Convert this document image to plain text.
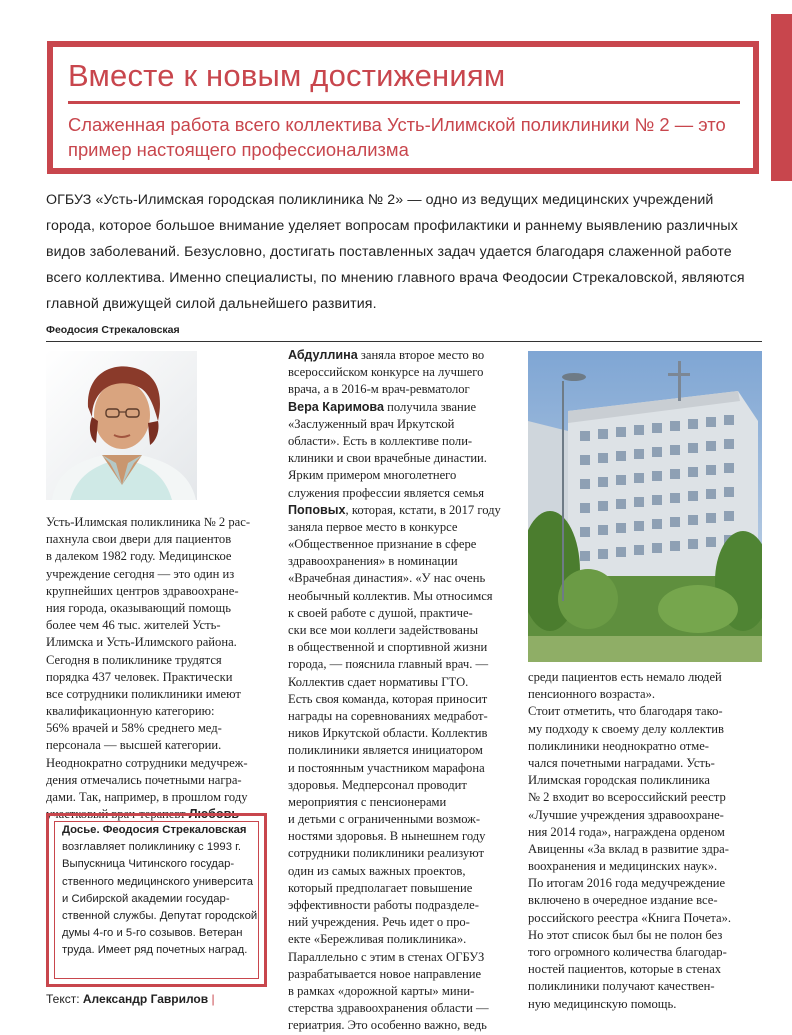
Вместе к новым достижениям

Слаженная работа всего коллектива Усть-Илимской поликлиники № 2 — это пример настоящего профессионализма

ОГБУЗ «Усть-Илимская городская поликлиника № 2» — одно из ведущих медицинских учреждений города, которое большое внимание уделяет вопросам профилактики и раннему выявлению различных видов заболеваний. Безусловно, достигать поставленных задач удается благодаря слаженной работе всего коллектива. Именно специалисты, по мнению главного врача Феодосии Стрекаловской, являются главной движущей силой дальнейшего развития.

Феодосия Стрекаловская
Усть-Илимская поликлиника № 2 рас-
пахнула свои двери для пациентов
в далеком 1982 году. Медицинское
учреждение сегодня — это один из
крупнейших центров здравоохране-
ния города, оказывающий помощь
более чем 46 тыс. жителей Усть-
Илимска и Усть-Илимского района.
Сегодня в поликлинике трудятся
порядка 437 человек. Практически
все сотрудники поликлиники имеют
квалификационную категорию:
56% врачей и 58% среднего мед-
персонала — высшей категории.
Неоднократно сотрудники медучреж-
дения отмечались почетными награ-
дами. Так, например, в прошлом году
участковый врач-терапевт Любовь
Абдуллина заняла второе место во
всероссийском конкурсе на лучшего
врача, а в 2016-м врач-ревматолог
Вера Каримова получила звание
«Заслуженный врач Иркутской
области». Есть в коллективе поли-
клиники и свои врачебные династии.
Ярким примером многолетнего
служения профессии является семья
Поповых, которая, кстати, в 2017 году
заняла первое место в конкурсе
«Общественное признание в сфере
здравоохранения» в номинации
«Врачебная династия». «У нас очень
необычный коллектив. Мы относимся
к своей работе с душой, практиче-
ски все мои коллеги задействованы
в общественной и спортивной жизни
города, — пояснила главный врач. —
Коллектив сдает нормативы ГТО.
Есть своя команда, которая приносит
награды на соревнованиях медработ-
ников Иркутской области. Коллектив
поликлиники является инициатором
и постоянным участником марафона
здоровья. Медперсонал проводит
мероприятия с пенсионерами
и детьми с ограниченными возмож-
ностями здоровья. В нынешнем году
сотрудники поликлиники реализуют
один из самых важных проектов,
который предполагает повышение
эффективности работы подразделе-
ний учреждения. Речь идет о про-
екте «Бережливая поликлиника».
Параллельно с этим в стенах ОГБУЗ
разрабатывается новое направление
в рамках «дорожной карты» мини-
стерства здравоохранения области —
гериатрия. Это особенно важно, ведь
среди пациентов есть немало людей
пенсионного возраста».
Стоит отметить, что благодаря тако-
му подходу к своему делу коллектив
поликлиники неоднократно отме-
чался почетными наградами. Усть-
Илимская городская поликлиника
№ 2 входит во всероссийский реестр
«Лучшие учреждения здравоохране-
ния 2014 года», награждена орденом
Авиценны «За вклад в развитие здра-
воохранения и медицинских наук».
По итогам 2016 года медучреждение
включено в очередное издание все-
российского реестра «Книга Почета».
Но этот список был бы не полон без
того огромного количества благодар-
ностей пациентов, которые в стенах
поликлиники получают качествен-
ную медицинскую помощь.
Досье. Феодосия Стрекаловская
возглавляет поликлинику с 1993 г.
Выпускница Читинского государ-
ственного медицинского университа
и Сибирской академии государ-
ственной службы. Депутат городской
думы 4-го и 5-го созывов. Ветеран
труда. Имеет ряд почетных наград.
Текст: Александр Гаврилов |
